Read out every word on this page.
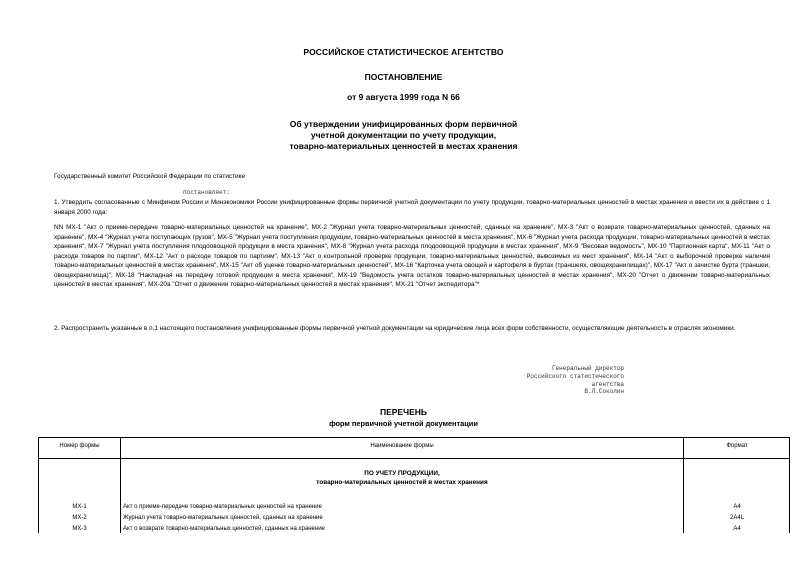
РОССИЙСКОЕ СТАТИСТИЧЕСКОЕ АГЕНТСТВО
ПОСТАНОВЛЕНИЕ
от 9 августа 1999 года N 66
Об утверждении унифицированных форм первичной
учетной документации по учету продукции,
товарно-материальных ценностей в местах хранения
Государственный комитет Российской Федерации по статистике
постановляет:
1. Утвердить согласованные с Минфином России и Минэкономики России унифицированные формы первичной учетной документации по учету продукции, товарно-материальных ценностей в местах хранения и ввести их в действие с 1 января 2000 года:
NN МХ-1 "Акт о приеме-передаче товарно-материальных ценностей на хранение", МХ-2 "Журнал учета товарно-материальных ценностей, сданных на хранение", МХ-3 "Акт о возврате товарно-материальных ценностей, сданных на хранение", МХ-4 "Журнал учета поступающих грузов", МХ-5 "Журнал учета поступления продукции, товарно-материальных ценностей в места хранения", МХ-6 "Журнал учета расхода продукции, товарно-материальных ценностей в местах хранения", МХ-7 "Журнал учета поступления плодоовощной продукции в места хранения", МХ-8 "Журнал учета расхода плодоовощной продукции в местах хранения", МХ-9 "Весовая ведомость", МХ-10 "Партионная карта", МХ-11 "Акт о расходе товаров по партии", МХ-12 "Акт о расходе товаров по партиям", МХ-13 "Акт о контрольной проверке продукции, товарно-материальных ценностей, вывозимых из мест хранения", МХ-14 "Акт о выборочной проверке наличия товарно-материальных ценностей в местах хранения", МХ-15 "Акт об уценке товарно-материальных ценностей", МХ-16 "Карточка учета овощей и картофеля в буртах (траншеях, овощехранилищах)", МХ-17 "Акт о зачистке бурта (траншеи, овощехранилища)", МХ-18 "Накладная на передачу готовой продукции в места хранения", МХ-19 "Ведомость учета остатков товарно-материальных ценностей в местах хранения", МХ-20 "Отчет о движении товарно-материальных ценностей в местах хранения", МХ-20а "Отчет о движении товарно-материальных ценностей в местах хранения", МХ-21 "Отчет экспедитора"*
2. Распространить указанные в п.1 настоящего постановления унифицированные формы первичной учетной документации на юридические лица всех форм собственности, осуществляющие деятельность в отраслях экономики.
Генеральный директор
Российского статистического
агентства
В.Л.Соколин
ПЕРЕЧЕНЬ
форм первичной учетной документации
Номер формы	Наименование формы	Формат
ПО УЧЕТУ ПРОДУКЦИИ,
товарно-материальных ценностей в местах хранения
МХ-1	Акт о приеме-передаче товарно-материальных ценностей на хранение	А4
МХ-2	Журнал учета товарно-материальных ценностей, сданных на хранение	2А4L
МХ-3	Акт о возврате товарно-материальных ценностей, сданных на хранение	А4
